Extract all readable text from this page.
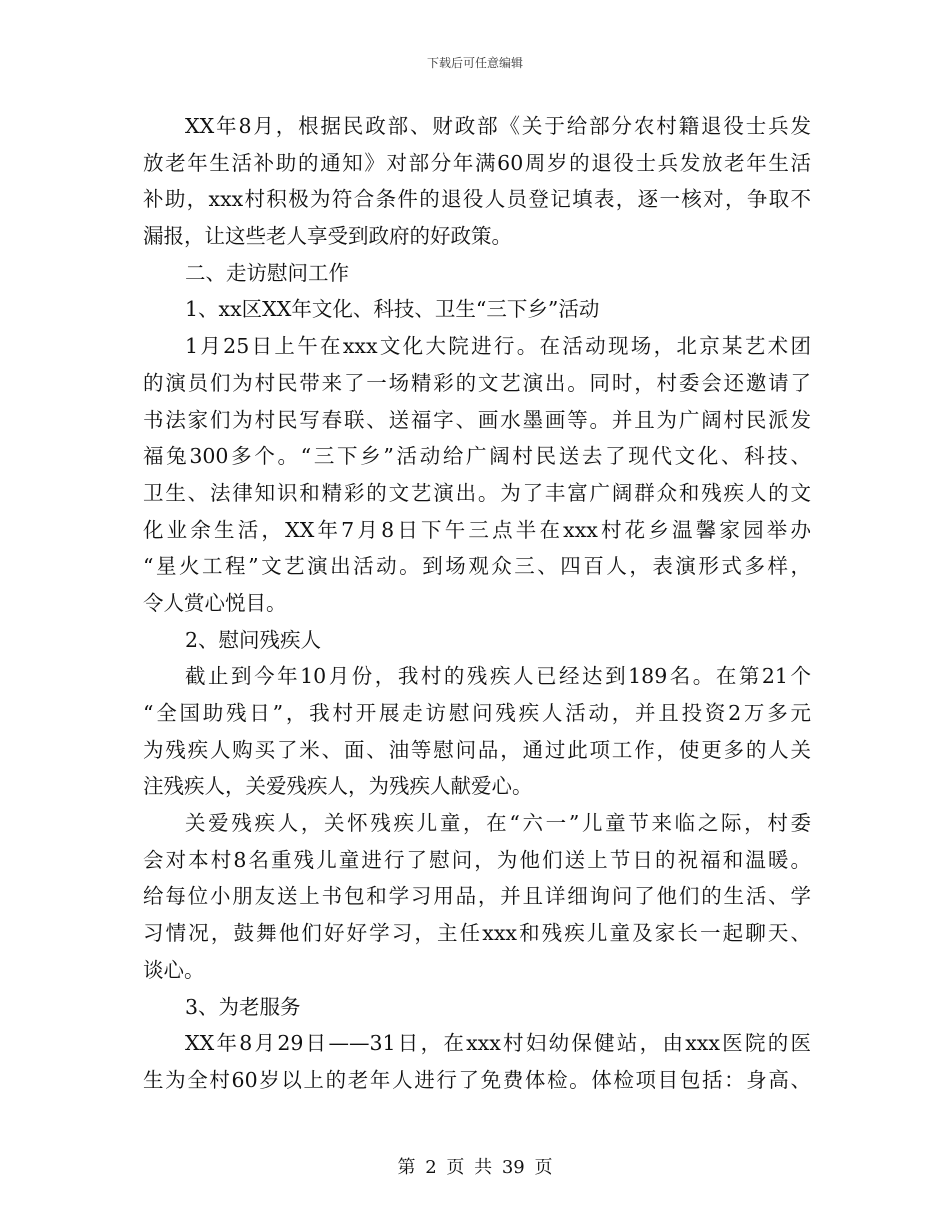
下载后可任意编辑
XX年8月，根据民政部、财政部《关于给部分农村籍退役士兵发
放老年生活补助的通知》对部分年满60周岁的退役士兵发放老年生活
补助，xxx村积极为符合条件的退役人员登记填表，逐一核对，争取不
漏报，让这些老人享受到政府的好政策。
二、走访慰问工作
1、xx区XX年文化、科技、卫生“三下乡”活动
1月25日上午在xxx文化大院进行。在活动现场，北京某艺术团
的演员们为村民带来了一场精彩的文艺演出。同时，村委会还邀请了
书法家们为村民写春联、送福字、画水墨画等。并且为广阔村民派发
福兔300多个。“三下乡”活动给广阔村民送去了现代文化、科技、
卫生、法律知识和精彩的文艺演出。为了丰富广阔群众和残疾人的文
化业余生活，XX年7月8日下午三点半在xxx村花乡温馨家园举办
“星火工程”文艺演出活动。到场观众三、四百人，表演形式多样，
令人赏心悦目。
2、慰问残疾人
截止到今年10月份，我村的残疾人已经达到189名。在第21个
“全国助残日”，我村开展走访慰问残疾人活动，并且投资2万多元
为残疾人购买了米、面、油等慰问品，通过此项工作，使更多的人关
注残疾人，关爱残疾人，为残疾人献爱心。
关爱残疾人，关怀残疾儿童，在“六一”儿童节来临之际，村委
会对本村8名重残儿童进行了慰问，为他们送上节日的祝福和温暖。
给每位小朋友送上书包和学习用品，并且详细询问了他们的生活、学
习情况，鼓舞他们好好学习，主任xxx和残疾儿童及家长一起聊天、
谈心。
3、为老服务
XX年8月29日——31日，在xxx村妇幼保健站，由xxx医院的医
生为全村60岁以上的老年人进行了免费体检。体检项目包括：身高、
第 2 页 共 39 页
